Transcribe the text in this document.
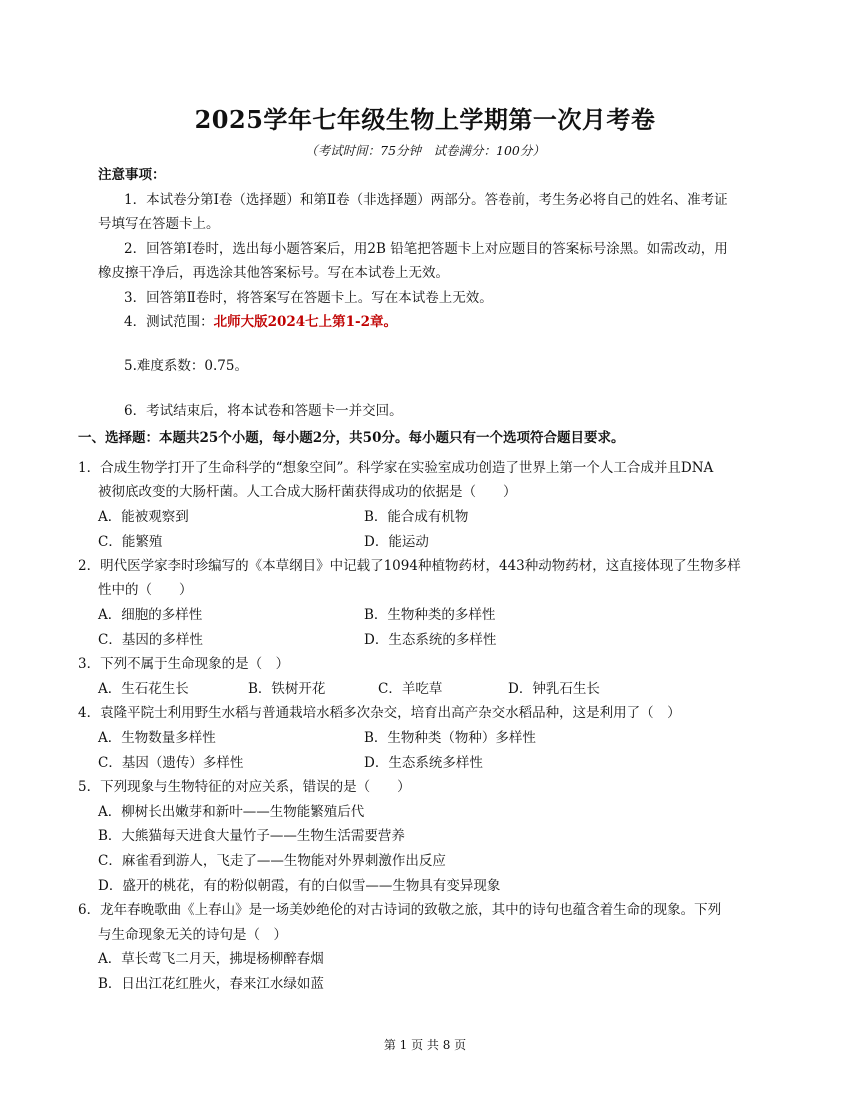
2025学年七年级生物上学期第一次月考卷
（考试时间：75分钟　试卷满分：100分）
注意事项：
1．本试卷分第Ⅰ卷（选择题）和第Ⅱ卷（非选择题）两部分。答卷前，考生务必将自己的姓名、准考证
号填写在答题卡上。
2．回答第Ⅰ卷时，选出每小题答案后，用2B 铅笔把答题卡上对应题目的答案标号涂黑。如需改动，用
橡皮擦干净后，再选涂其他答案标号。写在本试卷上无效。
3．回答第Ⅱ卷时，将答案写在答题卡上。写在本试卷上无效。
4．测试范围：北师大版2024七上第1-2章。
5.难度系数：0.75。
6．考试结束后，将本试卷和答题卡一并交回。
一、选择题：本题共25个小题，每小题2分，共50分。每小题只有一个选项符合题目要求。
1．合成生物学打开了生命科学的“想象空间”。科学家在实验室成功创造了世界上第一个人工合成并且DNA
被彻底改变的大肠杆菌。人工合成大肠杆菌获得成功的依据是（　　）
A．能被观察到	B．能合成有机物
C．能繁殖	D．能运动
2．明代医学家李时珍编写的《本草纲目》中记载了1094种植物药材，443种动物药材，这直接体现了生物多样
性中的（　　）
A．细胞的多样性	B．生物种类的多样性
C．基因的多样性	D．生态系统的多样性
3．下列不属于生命现象的是（　）
A．生石花生长	B．铁树开花	C．羊吃草	D．钟乳石生长
4．袁隆平院士利用野生水稻与普通栽培水稻多次杂交，培育出高产杂交水稻品种，这是利用了（　）
A．生物数量多样性	B．生物种类（物种）多样性
C．基因（遗传）多样性	D．生态系统多样性
5．下列现象与生物特征的对应关系，错误的是（　　）
A．柳树长出嫩芽和新叶——生物能繁殖后代
B．大熊猫每天进食大量竹子——生物生活需要营养
C．麻雀看到游人，飞走了——生物能对外界刺激作出反应
D．盛开的桃花，有的粉似朝霞，有的白似雪——生物具有变异现象
6．龙年春晚歌曲《上春山》是一场美妙绝伦的对古诗词的致敬之旅，其中的诗句也蕴含着生命的现象。下列
与生命现象无关的诗句是（　）
A．草长莺飞二月天，拂堤杨柳醉春烟
B．日出江花红胜火，春来江水绿如蓝
第 1 页 共 8 页
